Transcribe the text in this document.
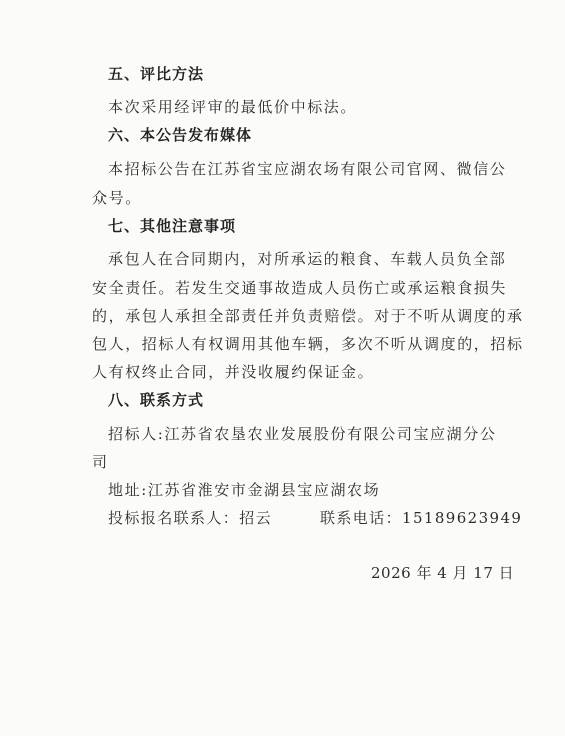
五、评比方法
本次采用经评审的最低价中标法。
六、本公告发布媒体
本招标公告在江苏省宝应湖农场有限公司官网、微信公
众号。
七、其他注意事项
承包人在合同期内，对所承运的粮食、车载人员负全部
安全责任。若发生交通事故造成人员伤亡或承运粮食损失
的，承包人承担全部责任并负责赔偿。对于不听从调度的承
包人，招标人有权调用其他车辆，多次不听从调度的，招标
人有权终止合同，并没收履约保证金。
八、联系方式
招标人:江苏省农垦农业发展股份有限公司宝应湖分公
司
地址:江苏省淮安市金湖县宝应湖农场
投标报名联系人：招云	联系电话：15189623949
2026 年 4 月 17 日
